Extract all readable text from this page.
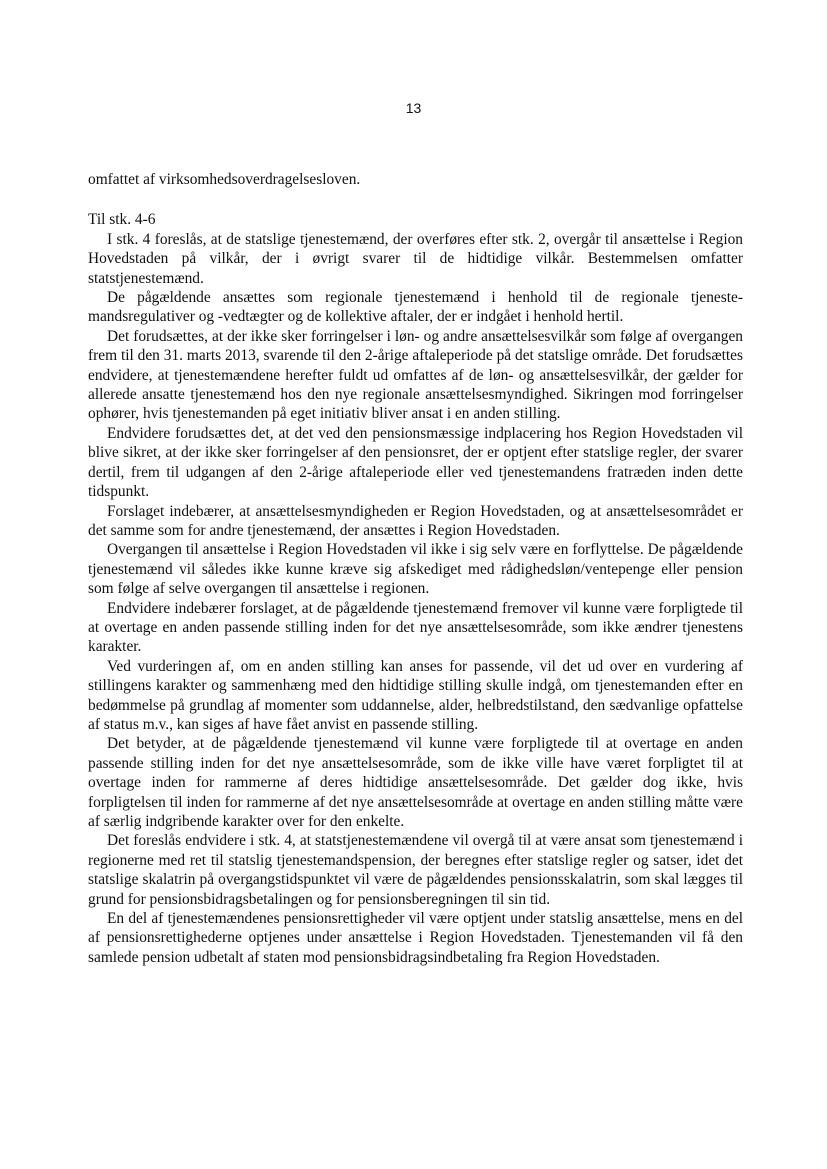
13

omfattet af virksomhedsoverdragelsesloven.

Til stk. 4-6

I stk. 4 foreslås, at de statslige tjenestemænd, der overføres efter stk. 2, overgår til ansættelse i Region Hovedstaden på vilkår, der i øvrigt svarer til de hidtidige vilkår. Bestemmelsen omfatter statstjenestemænd.

De pågældende ansættes som regionale tjenestemænd i henhold til de regionale tjeneste-mandsregulativer og -vedtægter og de kollektive aftaler, der er indgået i henhold hertil.

Det forudsættes, at der ikke sker forringelser i løn- og andre ansættelsesvilkår som følge af overgangen frem til den 31. marts 2013, svarende til den 2-årige aftaleperiode på det statslige område. Det forudsættes endvidere, at tjenestemændene herefter fuldt ud omfattes af de løn- og ansættelsesvilkår, der gælder for allerede ansatte tjenestemænd hos den nye regionale ansættelsesmyndighed. Sikringen mod forringelser ophører, hvis tjenestemanden på eget initiativ bliver ansat i en anden stilling.

Endvidere forudsættes det, at det ved den pensionsmæssige indplacering hos Region Hovedstaden vil blive sikret, at der ikke sker forringelser af den pensionsret, der er optjent efter statslige regler, der svarer dertil, frem til udgangen af den 2-årige aftaleperiode eller ved tjenestemandens fratræden inden dette tidspunkt.

Forslaget indebærer, at ansættelsesmyndigheden er Region Hovedstaden, og at ansættelsesområdet er det samme som for andre tjenestemænd, der ansættes i Region Hovedstaden.

Overgangen til ansættelse i Region Hovedstaden vil ikke i sig selv være en forflyttelse. De pågældende tjenestemænd vil således ikke kunne kræve sig afskediget med rådighedsløn/ventepenge eller pension som følge af selve overgangen til ansættelse i regionen.

Endvidere indebærer forslaget, at de pågældende tjenestemænd fremover vil kunne være forpligtede til at overtage en anden passende stilling inden for det nye ansættelsesområde, som ikke ændrer tjenestens karakter.

Ved vurderingen af, om en anden stilling kan anses for passende, vil det ud over en vurdering af stillingens karakter og sammenhæng med den hidtidige stilling skulle indgå, om tjenestemanden efter en bedømmelse på grundlag af momenter som uddannelse, alder, helbredstilstand, den sædvanlige opfattelse af status m.v., kan siges af have fået anvist en passende stilling.

Det betyder, at de pågældende tjenestemænd vil kunne være forpligtede til at overtage en anden passende stilling inden for det nye ansættelsesområde, som de ikke ville have været forpligtet til at overtage inden for rammerne af deres hidtidige ansættelsesområde. Det gælder dog ikke, hvis forpligtelsen til inden for rammerne af det nye ansættelsesområde at overtage en anden stilling måtte være af særlig indgribende karakter over for den enkelte.

Det foreslås endvidere i stk. 4, at statstjenestemændene vil overgå til at være ansat som tjenestemænd i regionerne med ret til statslig tjenestemandspension, der beregnes efter statslige regler og satser, idet det statslige skalatrin på overgangstidspunktet vil være de pågældendes pensionsskalatrin, som skal lægges til grund for pensionsbidragsbetalingen og for pensionsberegningen til sin tid.

En del af tjenestemændenes pensionsrettigheder vil være optjent under statslig ansættelse, mens en del af pensionsrettighederne optjenes under ansættelse i Region Hovedstaden. Tjenestemanden vil få den samlede pension udbetalt af staten mod pensionsbidragsindbetaling fra Region Hovedstaden.
